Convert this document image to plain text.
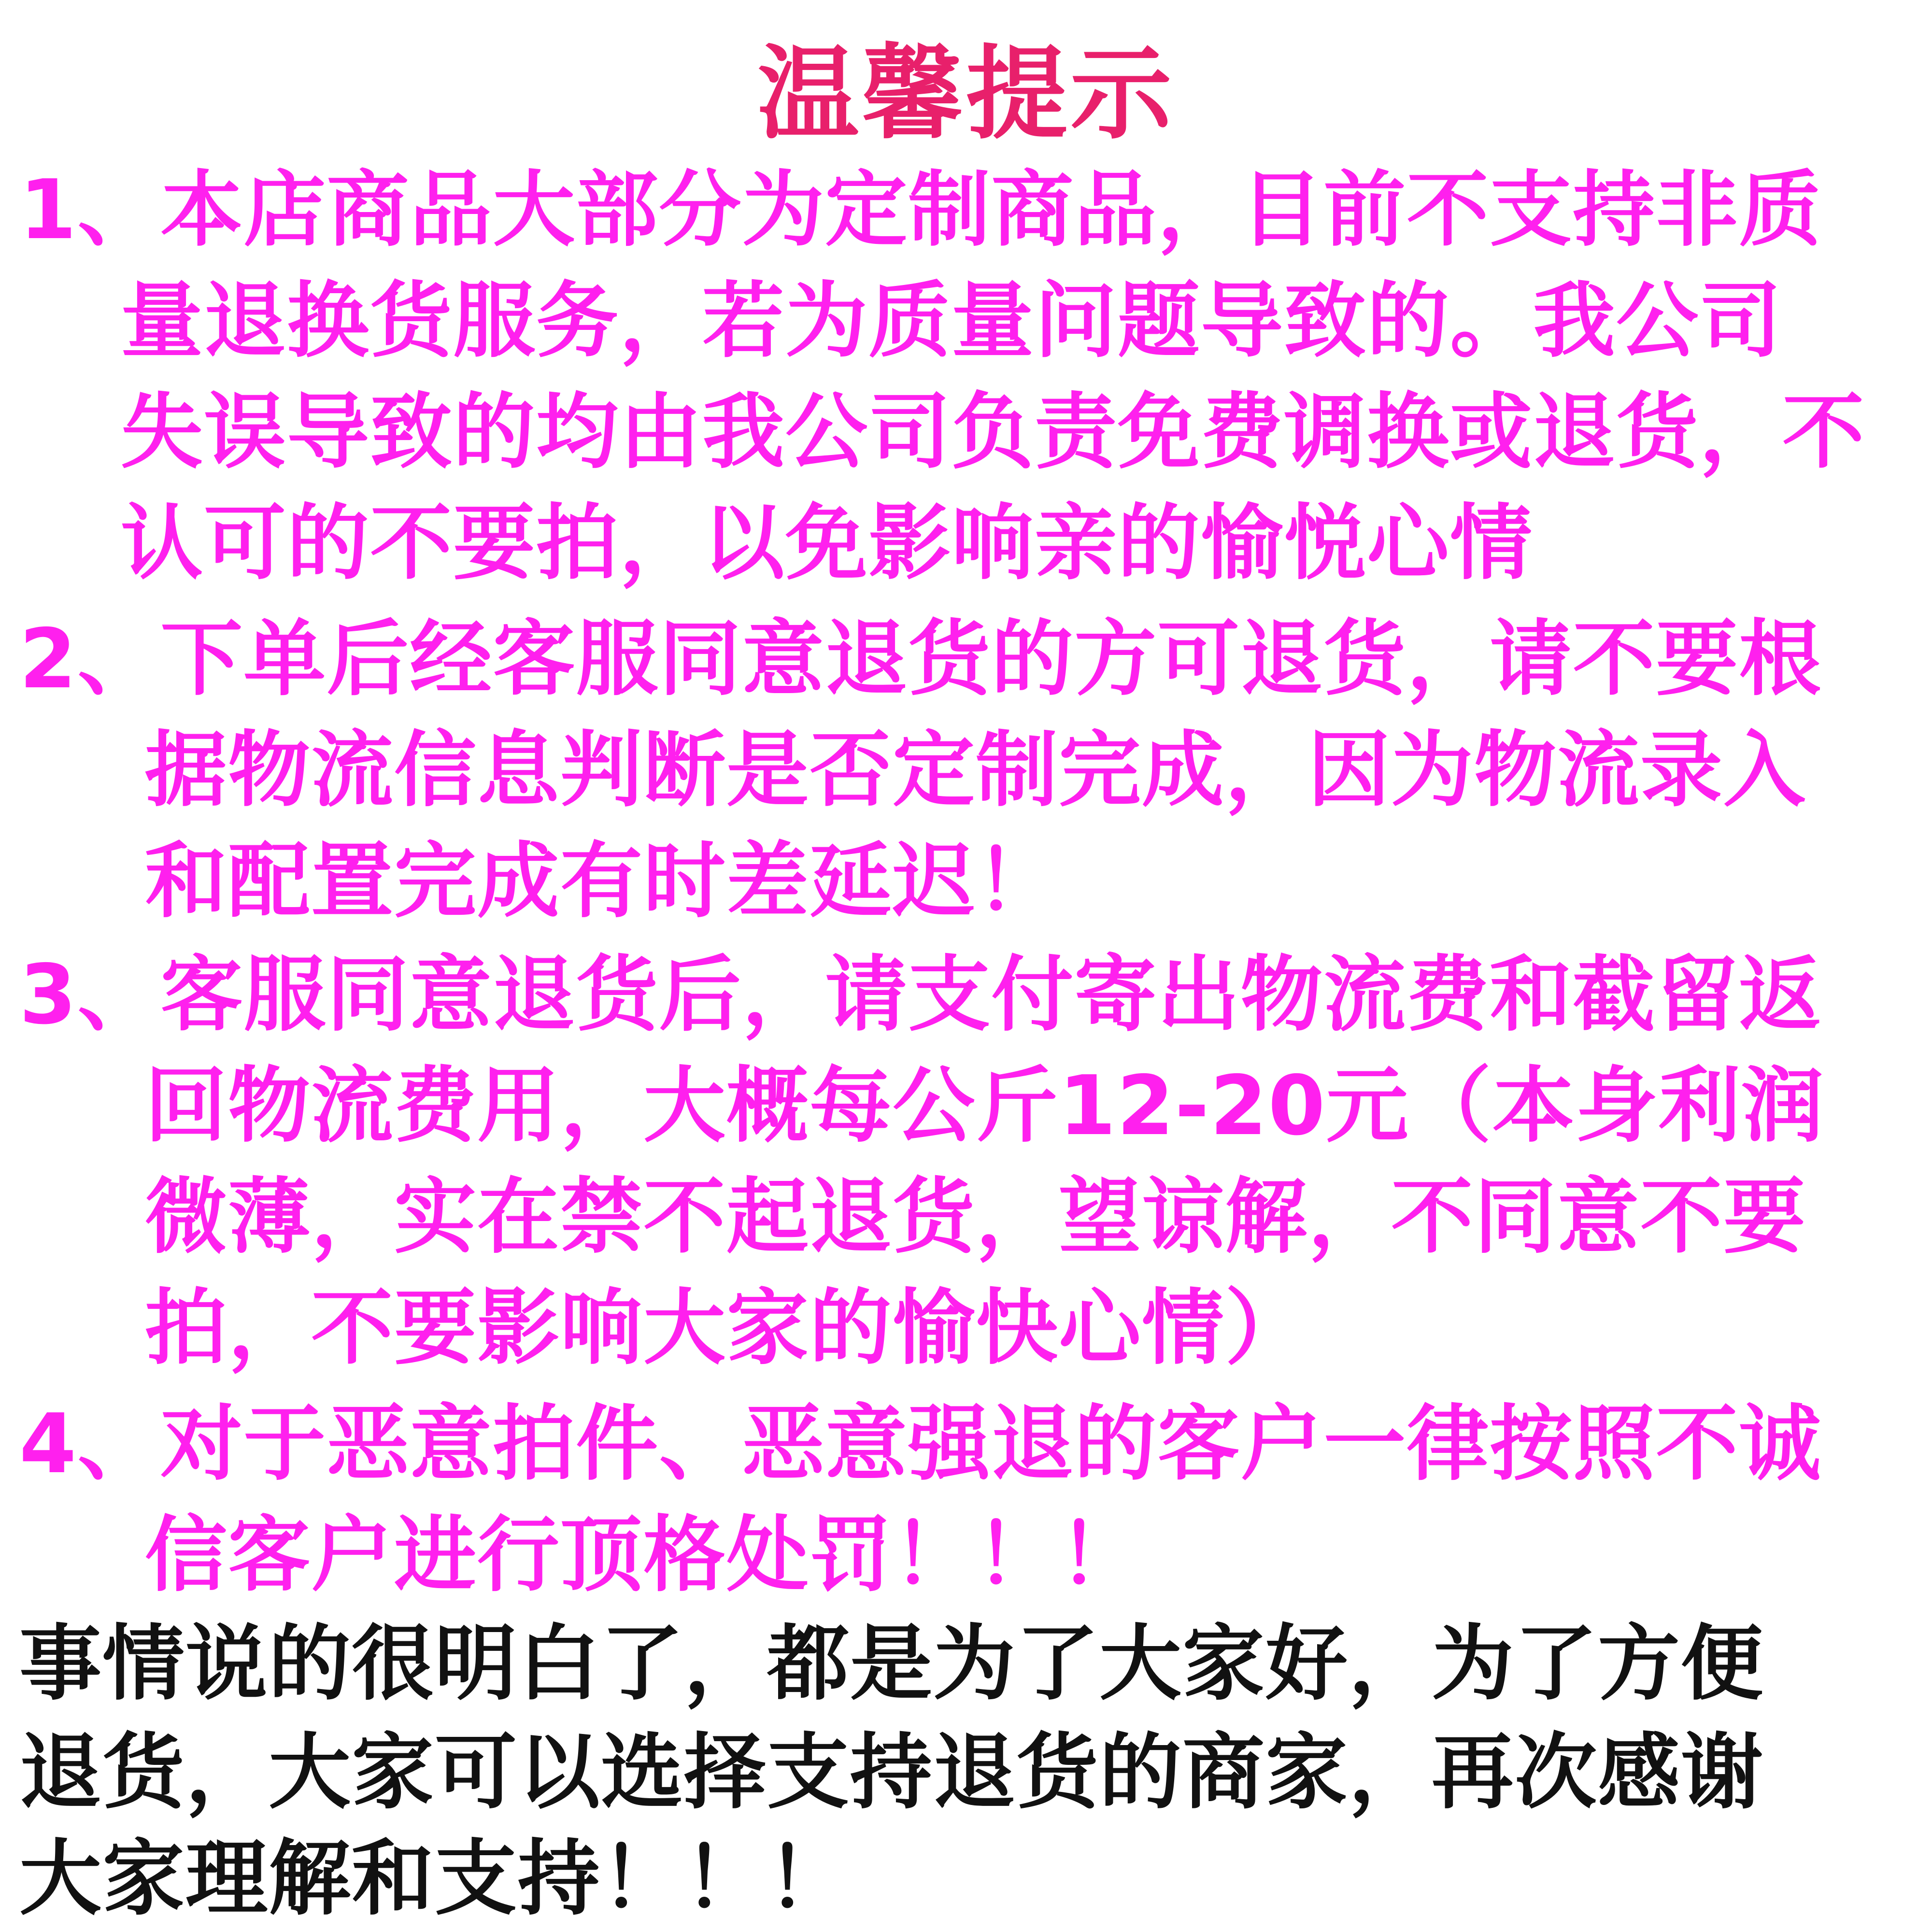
温馨提示
1、本店商品大部分为定制商品，目前不支持非质
量退换货服务，若为质量问题导致的。我公司
失误导致的均由我公司负责免费调换或退货，不
认可的不要拍，以免影响亲的愉悦心情
2、下单后经客服同意退货的方可退货，请不要根
据物流信息判断是否定制完成，因为物流录入
和配置完成有时差延迟！
3、客服同意退货后，请支付寄出物流费和截留返
回物流费用，大概每公斤12-20元（本身利润
微薄，实在禁不起退货，望谅解，不同意不要
拍，不要影响大家的愉快心情）
4、对于恶意拍件、恶意强退的客户一律按照不诚
信客户进行顶格处罚！！！
事情说的很明白了，都是为了大家好，为了方便
退货，大家可以选择支持退货的商家，再次感谢
大家理解和支持！！！
